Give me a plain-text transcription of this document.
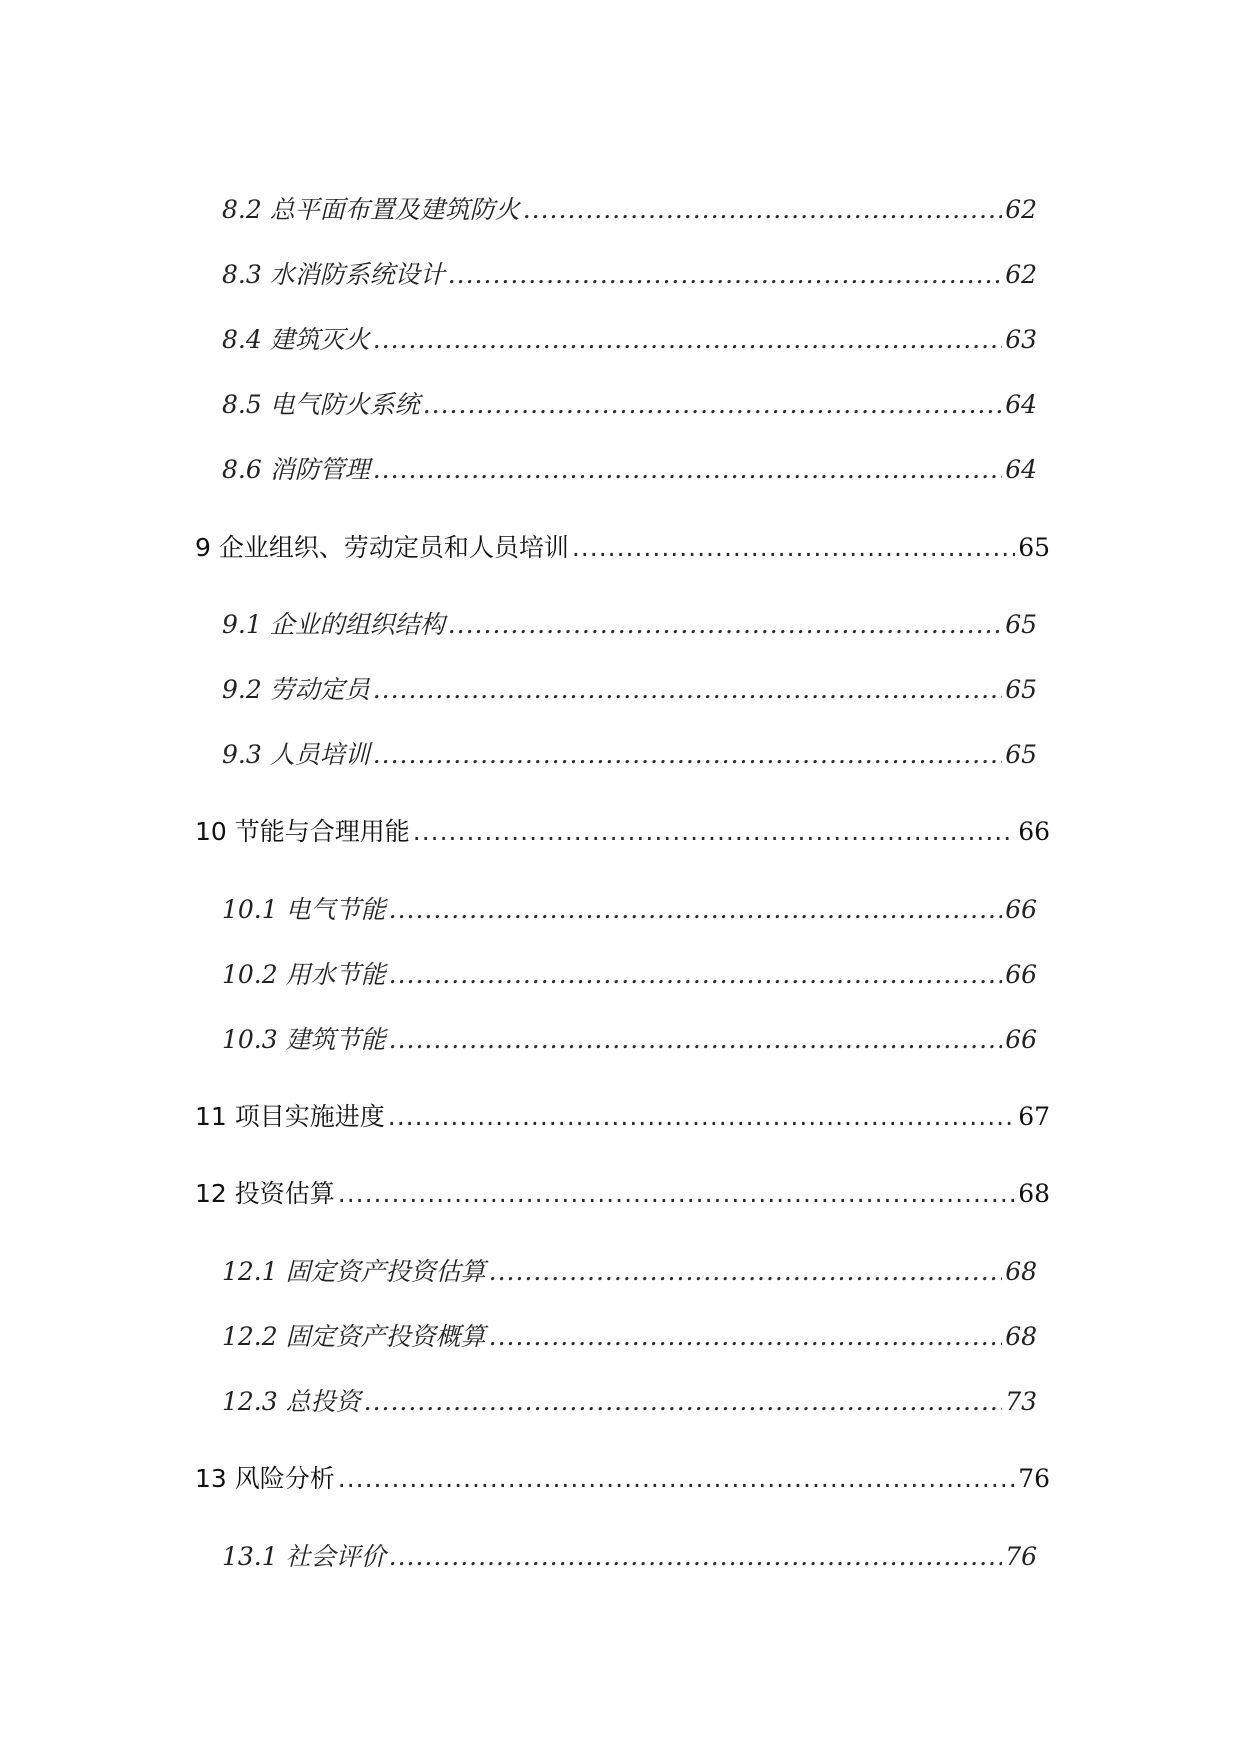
8.2 总平面布置及建筑防火 .....	62
8.3 水消防系统设计 .....	62
8.4 建筑灭火 .....	63
8.5 电气防火系统 .....	64
8.6 消防管理 .....	64
9 企业组织、劳动定员和人员培训 .....	65
9.1 企业的组织结构 .....	65
9.2 劳动定员 .....	65
9.3 人员培训 .....	65
10 节能与合理用能 .....	66
10.1 电气节能 .....	66
10.2 用水节能 .....	66
10.3 建筑节能 .....	66
11 项目实施进度 .....	67
12 投资估算 .....	68
12.1 固定资产投资估算 .....	68
12.2 固定资产投资概算 .....	68
12.3 总投资 .....	73
13 风险分析 .....	76
13.1 社会评价 .....	76
